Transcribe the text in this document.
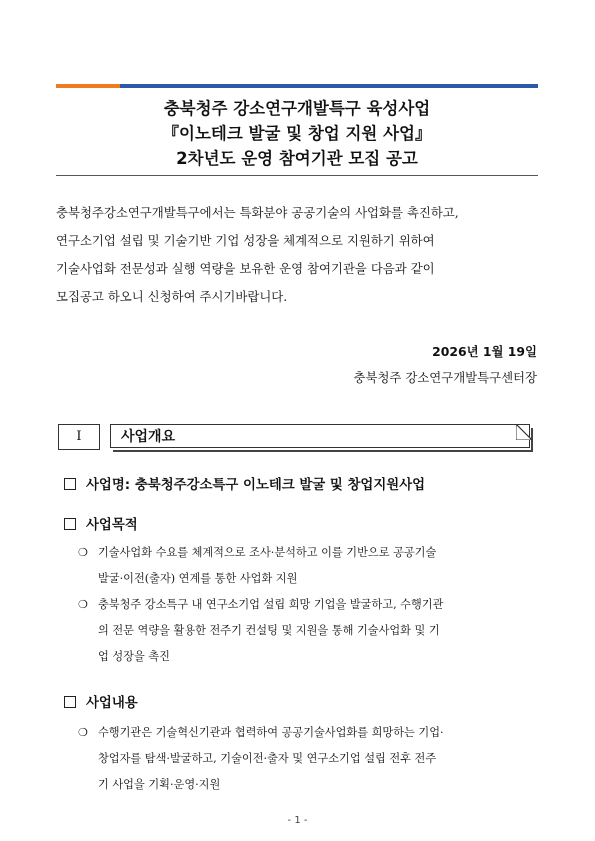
충북청주 강소연구개발특구 육성사업
『이노테크 발굴 및 창업 지원 사업』
2차년도 운영 참여기관 모집 공고
충북청주강소연구개발특구에서는 특화분야 공공기술의 사업화를 촉진하고,
연구소기업 설립 및 기술기반 기업 성장을 체계적으로 지원하기 위하여
기술사업화 전문성과 실행 역량을 보유한 운영 참여기관을 다음과 같이
모집공고 하오니 신청하여 주시기바랍니다.
2026년 1월 19일
충북청주 강소연구개발특구센터장
I	사업개요
사업명: 충북청주강소특구 이노테크 발굴 및 창업지원사업
사업목적
❍ 기술사업화 수요를 체계적으로 조사·분석하고 이를 기반으로 공공기술
발굴·이전(출자) 연계를 통한 사업화 지원
❍ 충북청주 강소특구 내 연구소기업 설립 희망 기업을 발굴하고, 수행기관
의 전문 역량을 활용한 전주기 컨설팅 및 지원을 통해 기술사업화 및 기
업 성장을 촉진
사업내용
❍ 수행기관은 기술혁신기관과 협력하여 공공기술사업화를 희망하는 기업·
창업자를 탐색·발굴하고, 기술이전·출자 및 연구소기업 설립 전후 전주
기 사업을 기획·운영·지원
- 1 -
